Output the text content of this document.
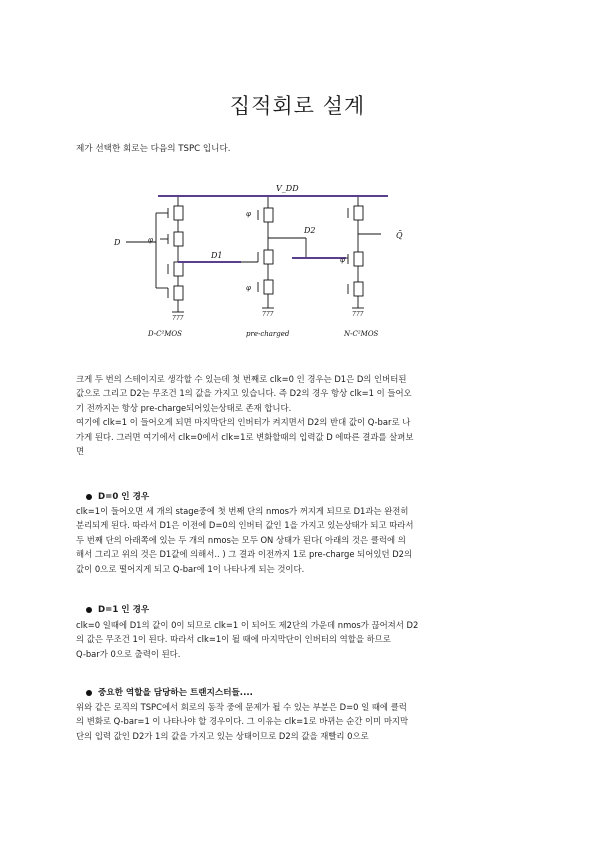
집적회로 설계
제가 선택한 회로는 다음의 TSPC 입니다.
V_DD
D
D1
D2
Q̄
φ
φ
φ
φ
777
777	777
D-C²MOS	pre-charged	N-C²MOS
크게 두 번의 스테이지로 생각할 수 있는데 첫 번째로 clk=0 인 경우는 D1은 D의 인버터된
값으로 그리고 D2는 무조건 1의 값을 가지고 있습니다. 즉 D2의 경우 항상 clk=1 이 들어오
기 전까지는 항상 pre-charge되어있는상태로 존재 합니다.
여기에 clk=1 이 들어오게 되면 마지막단의 인버터가 켜지면서 D2의 반대 값이 Q-bar로 나
가게 된다. 그러면 여기에서 clk=0에서 clk=1로 변화할때의 입력값 D 에따른 결과를 살펴보
면
D=0 인 경우
clk=1이 들어오면 세 개의 stage중에 첫 번째 단의 nmos가 꺼지게 되므로 D1과는 완전히
분리되게 된다. 따라서 D1은 이전에 D=0의 인버터 값인 1을 가지고 있는상태가 되고 따라서
두 번째 단의 아래쪽에 있는 두 개의 nmos는 모두 ON 상태가 된다( 아래의 것은 클럭에 의
해서 그리고 위의 것은 D1값에 의해서.. ) 그 결과 이전까지 1로 pre-charge 되어있던 D2의
값이 0으로 떨어지게 되고 Q-bar에 1이 나타나게 되는 것이다.
D=1 인 경우
clk=0 일때에 D1의 값이 0이 되므로 clk=1 이 되어도 제2단의 가운데 nmos가 끊어져서 D2
의 값은 무조건 1이 된다. 따라서 clk=1이 될 때에 마지막단이 인버터의 역할을 하므로
Q-bar가 0으로 출력이 된다.
중요한 역할을 담당하는 트랜지스터들....
위와 같은 로직의 TSPC에서 회로의 동작 중에 문제가 될 수 있는 부분은 D=0 일 때에 클럭
의 변화로 Q-bar=1 이 나타나야 할 경우이다. 그 이유는 clk=1로 바뀌는 순간 이미 마지막
단의 입력 값인 D2가 1의 값을 가지고 있는 상태이므로 D2의 값을 재빨리 0으로
